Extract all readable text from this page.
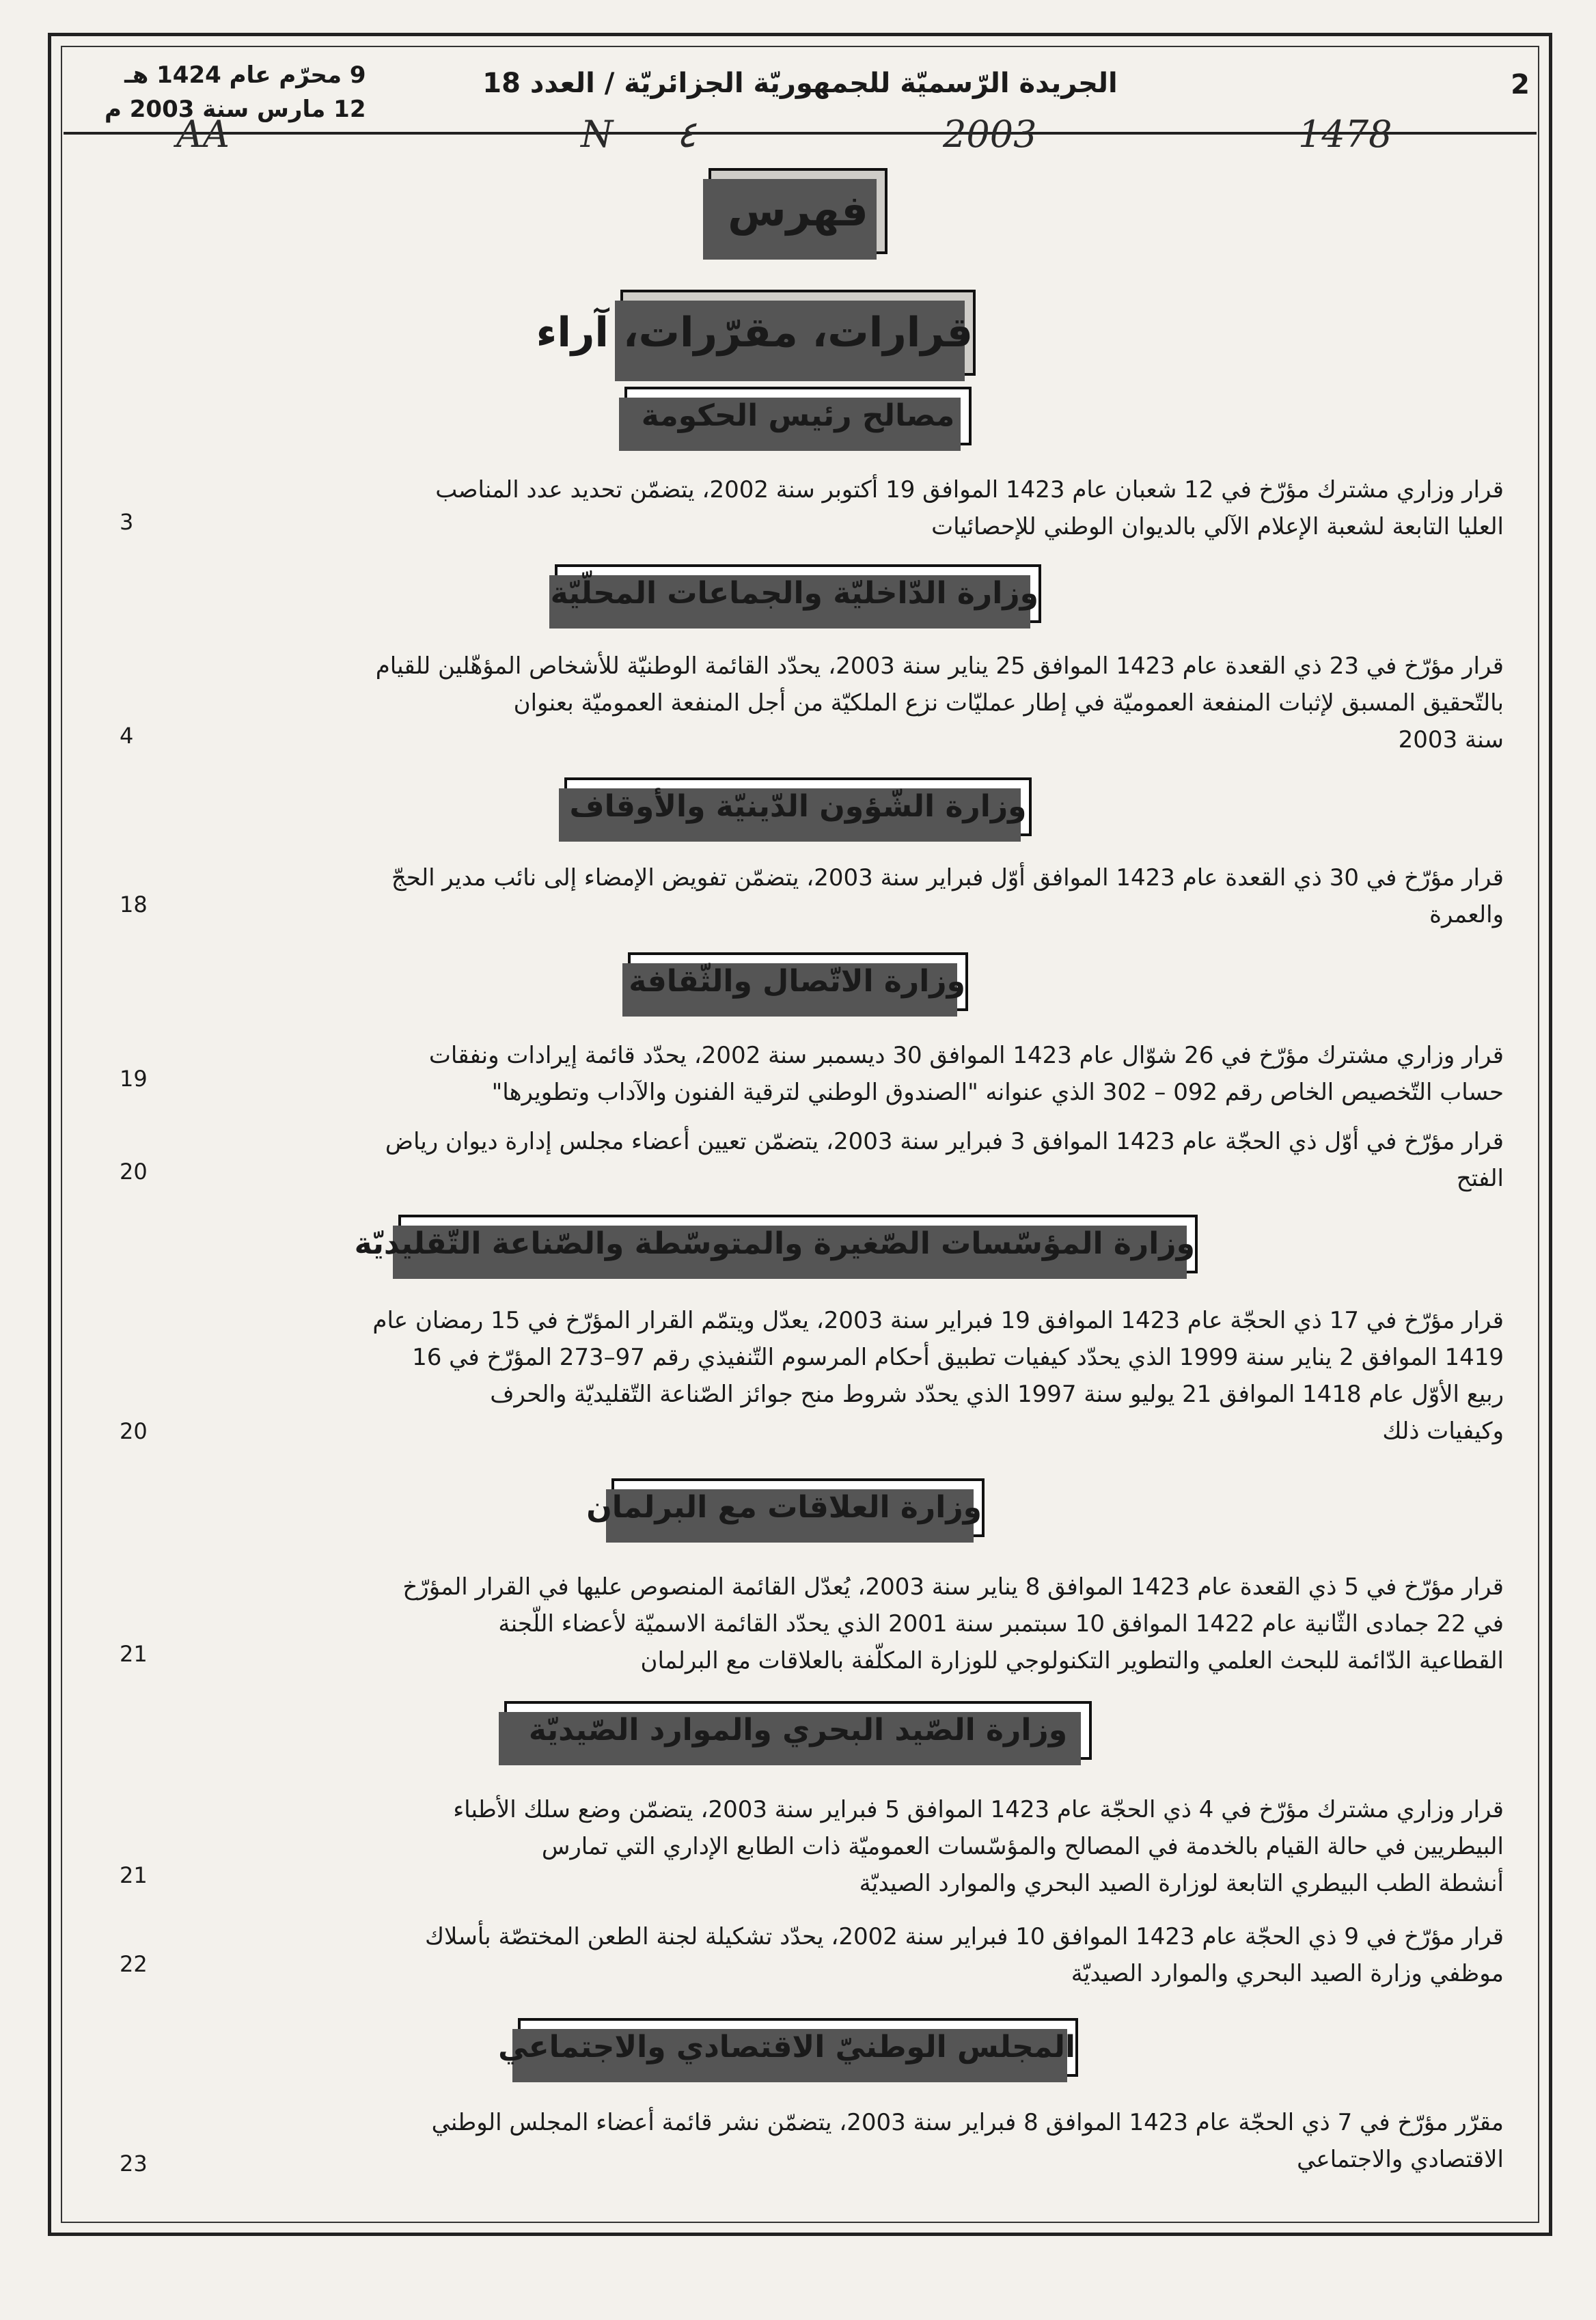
2
الجريدة الرّسميّة للجمهوريّة الجزائريّة / العدد 18
9 محرّم عام 1424 هـ
12 مارس سنة 2003 م
AA	N ٤	2003	1478
فهرس
قرارات، مقرّرات، آراء
مصالح رئيس الحكومة
قرار وزاري مشترك مؤرّخ في 12 شعبان عام 1423 الموافق 19 أكتوبر سنة 2002، يتضمّن تحديد عدد المناصب
العليا التابعة لشعبة الإعلام الآلي بالديوان الوطني للإحصائيات
3
وزارة الدّاخليّة والجماعات المحلّيّة
قرار مؤرّخ في 23 ذي القعدة عام 1423 الموافق 25 يناير سنة 2003، يحدّد القائمة الوطنيّة للأشخاص المؤهّلين للقيام
بالتّحقيق المسبق لإثبات المنفعة العموميّة في إطار عمليّات نزع الملكيّة من أجل المنفعة العموميّة بعنوان
سنة 2003
4
وزارة الشّؤون الدّينيّة والأوقاف
قرار مؤرّخ في 30 ذي القعدة عام 1423 الموافق أوّل فبراير سنة 2003، يتضمّن تفويض الإمضاء إلى نائب مدير الحجّ
والعمرة
18
وزارة الاتّصال والثّقافة
قرار وزاري مشترك مؤرّخ في 26 شوّال عام 1423 الموافق 30 ديسمبر سنة 2002، يحدّد قائمة إيرادات ونفقات
حساب التّخصيص الخاص رقم 092 – 302 الذي عنوانه "الصندوق الوطني لترقية الفنون والآداب وتطويرها"
19
قرار مؤرّخ في أوّل ذي الحجّة عام 1423 الموافق 3 فبراير سنة 2003، يتضمّن تعيين أعضاء مجلس إدارة ديوان رياض
الفتح
20
وزارة المؤسّسات الصّغيرة والمتوسّطة والصّناعة التّقليديّة
قرار مؤرّخ في 17 ذي الحجّة عام 1423 الموافق 19 فبراير سنة 2003، يعدّل ويتمّم القرار المؤرّخ في 15 رمضان عام
1419 الموافق 2 يناير سنة 1999 الذي يحدّد كيفيات تطبيق أحكام المرسوم التّنفيذي رقم 97–273 المؤرّخ في 16
ربيع الأوّل عام 1418 الموافق 21 يوليو سنة 1997 الذي يحدّد شروط منح جوائز الصّناعة التّقليديّة والحرف
وكيفيات ذلك
20
وزارة العلاقات مع البرلمان
قرار مؤرّخ في 5 ذي القعدة عام 1423 الموافق 8 يناير سنة 2003، يُعدّل القائمة المنصوص عليها في القرار المؤرّخ
في 22 جمادى الثّانية عام 1422 الموافق 10 سبتمبر سنة 2001 الذي يحدّد القائمة الاسميّة لأعضاء اللّجنة
القطاعية الدّائمة للبحث العلمي والتطوير التكنولوجي للوزارة المكلّفة بالعلاقات مع البرلمان
21
وزارة الصّيد البحري والموارد الصّيديّة
قرار وزاري مشترك مؤرّخ في 4 ذي الحجّة عام 1423 الموافق 5 فبراير سنة 2003، يتضمّن وضع سلك الأطباء
البيطريين في حالة القيام بالخدمة في المصالح والمؤسّسات العموميّة ذات الطابع الإداري التي تمارس
أنشطة الطب البيطري التابعة لوزارة الصيد البحري والموارد الصيديّة
21
قرار مؤرّخ في 9 ذي الحجّة عام 1423 الموافق 10 فبراير سنة 2002، يحدّد تشكيلة لجنة الطعن المختصّة بأسلاك
موظفي وزارة الصيد البحري والموارد الصيديّة
22
المجلس الوطنيّ الاقتصادي والاجتماعي
مقرّر مؤرّخ في 7 ذي الحجّة عام 1423 الموافق 8 فبراير سنة 2003، يتضمّن نشر قائمة أعضاء المجلس الوطني
الاقتصادي والاجتماعي
23
